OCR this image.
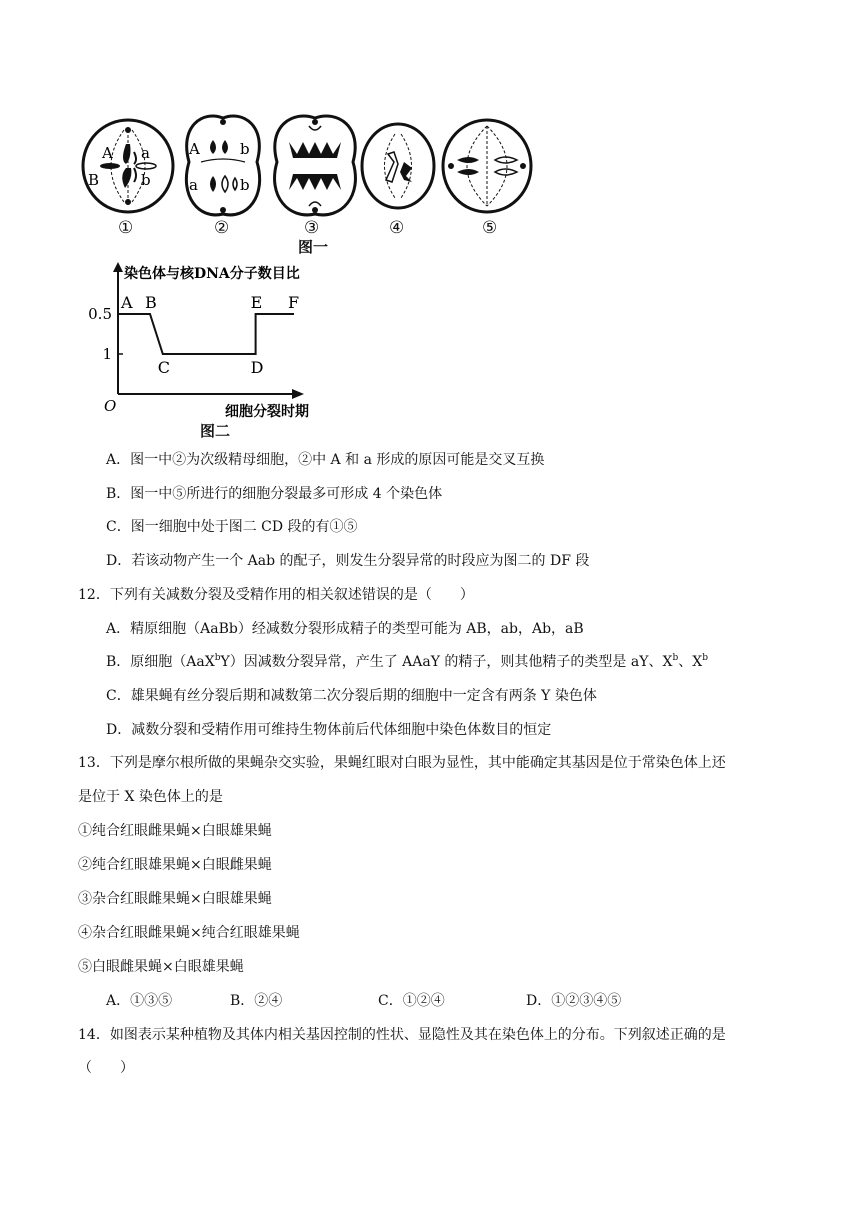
A a
B	b
A	b
a	b
①	②	③	④	⑤
图一
染色体与核DNA分子数目比
细胞分裂时期
O
1
0.5
A B
C	D
E F
图二
A．图一中②为次级精母细胞，②中 A 和 a 形成的原因可能是交叉互换
B．图一中⑤所进行的细胞分裂最多可形成 4 个染色体
C．图一细胞中处于图二 CD 段的有①⑤
D．若该动物产生一个 Aab 的配子，则发生分裂异常的时段应为图二的 DF 段
12．下列有关减数分裂及受精作用的相关叙述错误的是（　　）
A．精原细胞（AaBb）经减数分裂形成精子的类型可能为 AB，ab，Ab，aB
B．原细胞（AaX$^b$Y）因减数分裂异常，产生了 AAaY 的精子，则其他精子的类型是 aY、$X^b$、$X^b$
C．雄果蝇有丝分裂后期和减数第二次分裂后期的细胞中一定含有两条 Y 染色体
D．减数分裂和受精作用可维持生物体前后代体细胞中染色体数目的恒定
13．下列是摩尔根所做的果蝇杂交实验，果蝇红眼对白眼为显性，其中能确定其基因是位于常染色体上还
是位于 X 染色体上的是
①纯合红眼雌果蝇×白眼雄果蝇
②纯合红眼雄果蝇×白眼雌果蝇
③杂合红眼雌果蝇×白眼雄果蝇
④杂合红眼雌果蝇×纯合红眼雄果蝇
⑤白眼雌果蝇×白眼雄果蝇
A．①③⑤	B．②④	C．①②④	D．①②③④⑤
14．如图表示某种植物及其体内相关基因控制的性状、显隐性及其在染色体上的分布。下列叙述正确的是
（　　）
